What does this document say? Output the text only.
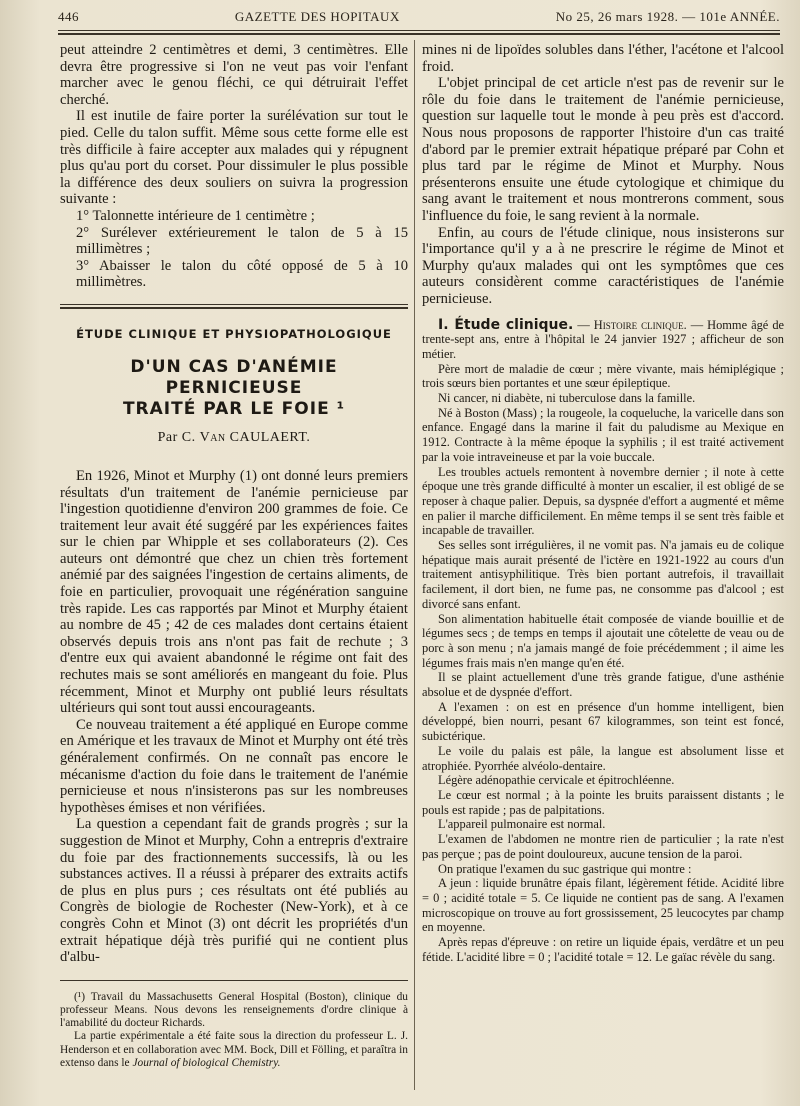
446	GAZETTE DES HOPITAUX	No 25, 26 mars 1928. — 101e ANNÉE.

peut atteindre 2 centimètres et demi, 3 centimètres. Elle devra être progressive si l'on ne veut pas voir l'enfant marcher avec le genou fléchi, ce qui détruirait l'effet cherché.

Il est inutile de faire porter la surélévation sur tout le pied. Celle du talon suffit. Même sous cette forme elle est très difficile à faire accepter aux malades qui y répugnent plus qu'au port du corset. Pour dissimuler le plus possible la différence des deux souliers on suivra la progression suivante :

1° Talonnette intérieure de 1 centimètre ;

2° Surélever extérieurement le talon de 5 à 15 millimètres ;

3° Abaisser le talon du côté opposé de 5 à 10 millimètres.

ÉTUDE CLINIQUE ET PHYSIOPATHOLOGIQUE
D'UN CAS D'ANÉMIE PERNICIEUSE
TRAITÉ PAR LE FOIE ¹
Par C. Van CAULAERT.

En 1926, Minot et Murphy (1) ont donné leurs premiers résultats d'un traitement de l'anémie pernicieuse par l'ingestion quotidienne d'environ 200 grammes de foie. Ce traitement leur avait été suggéré par les expériences faites sur le chien par Whipple et ses collaborateurs (2). Ces auteurs ont démontré que chez un chien très fortement anémié par des saignées l'ingestion de certains aliments, de foie en particulier, provoquait une régénération sanguine très rapide. Les cas rapportés par Minot et Murphy étaient au nombre de 45 ; 42 de ces malades dont certains étaient observés depuis trois ans n'ont pas fait de rechute ; 3 d'entre eux qui avaient abandonné le régime ont fait des rechutes mais se sont améliorés en mangeant du foie. Plus récemment, Minot et Murphy ont publié leurs résultats ultérieurs qui sont tout aussi encourageants.

Ce nouveau traitement a été appliqué en Europe comme en Amérique et les travaux de Minot et Murphy ont été très généralement confirmés. On ne connaît pas encore le mécanisme d'action du foie dans le traitement de l'anémie pernicieuse et nous n'insisterons pas sur les nombreuses hypothèses émises et non vérifiées.

La question a cependant fait de grands progrès ; sur la suggestion de Minot et Murphy, Cohn a entrepris d'extraire du foie par des fractionnements successifs, là ou les substances actives. Il a réussi à préparer des extraits actifs de plus en plus purs ; ces résultats ont été publiés au Congrès de biologie de Rochester (New-York), et à ce congrès Cohn et Minot (3) ont décrit les propriétés d'un extrait hépatique déjà très purifié qui ne contient plus d'albu-

(¹) Travail du Massachusetts General Hospital (Boston), clinique du professeur Means. Nous devons les renseignements d'ordre clinique à l'amabilité du docteur Richards.

La partie expérimentale a été faite sous la direction du professeur L. J. Henderson et en collaboration avec MM. Bock, Dill et Fölling, et paraîtra in extenso dans le Journal of biological Chemistry.

mines ni de lipoïdes solubles dans l'éther, l'acétone et l'alcool froid.

L'objet principal de cet article n'est pas de revenir sur le rôle du foie dans le traitement de l'anémie pernicieuse, question sur laquelle tout le monde à peu près est d'accord. Nous nous proposons de rapporter l'histoire d'un cas traité d'abord par le premier extrait hépatique préparé par Cohn et plus tard par le régime de Minot et Murphy. Nous présenterons ensuite une étude cytologique et chimique du sang avant le traitement et nous montrerons comment, sous l'influence du foie, le sang revient à la normale.

Enfin, au cours de l'étude clinique, nous insisterons sur l'importance qu'il y a à ne prescrire le régime de Minot et Murphy qu'aux malades qui ont les symptômes que ces auteurs considèrent comme caractéristiques de l'anémie pernicieuse.

I. Étude clinique. — Histoire clinique. — Homme âgé de trente-sept ans, entre à l'hôpital le 24 janvier 1927 ; afficheur de son métier.

Père mort de maladie de cœur ; mère vivante, mais hémiplégique ; trois sœurs bien portantes et une sœur épileptique.

Ni cancer, ni diabète, ni tuberculose dans la famille.

Né à Boston (Mass) ; la rougeole, la coqueluche, la varicelle dans son enfance. Engagé dans la marine il fait du paludisme au Mexique en 1912. Contracte à la même époque la syphilis ; il est traité activement par la voie intraveineuse et par la voie buccale.

Les troubles actuels remontent à novembre dernier ; il note à cette époque une très grande difficulté à monter un escalier, il est obligé de se reposer à chaque palier. Depuis, sa dyspnée d'effort a augmenté et même en palier il marche difficilement. En même temps il se sent très faible et incapable de travailler.

Ses selles sont irrégulières, il ne vomit pas. N'a jamais eu de colique hépatique mais aurait présenté de l'ictère en 1921-1922 au cours d'un traitement antisyphilitique. Très bien portant autrefois, il travaillait facilement, il dort bien, ne fume pas, ne consomme pas d'alcool ; est divorcé sans enfant.

Son alimentation habituelle était composée de viande bouillie et de légumes secs ; de temps en temps il ajoutait une côtelette de veau ou de porc à son menu ; n'a jamais mangé de foie précédemment ; il aime les légumes frais mais n'en mange qu'en été.

Il se plaint actuellement d'une très grande fatigue, d'une asthénie absolue et de dyspnée d'effort.

A l'examen : on est en présence d'un homme intelligent, bien développé, bien nourri, pesant 67 kilogrammes, son teint est foncé, subictérique.

Le voile du palais est pâle, la langue est absolument lisse et atrophiée. Pyorrhée alvéolo-dentaire.

Légère adénopathie cervicale et épitrochléenne.

Le cœur est normal ; à la pointe les bruits paraissent distants ; le pouls est rapide ; pas de palpitations.

L'appareil pulmonaire est normal.

L'examen de l'abdomen ne montre rien de particulier ; la rate n'est pas perçue ; pas de point douloureux, aucune tension de la paroi.

On pratique l'examen du suc gastrique qui montre :

A jeun : liquide brunâtre épais filant, légèrement fétide. Acidité libre = 0 ; acidité totale = 5. Ce liquide ne contient pas de sang. A l'examen microscopique on trouve au fort grossissement, 25 leucocytes par champ en moyenne.

Après repas d'épreuve : on retire un liquide épais, verdâtre et un peu fétide. L'acidité libre = 0 ; l'acidité totale = 12. Le gaïac révèle du sang.
